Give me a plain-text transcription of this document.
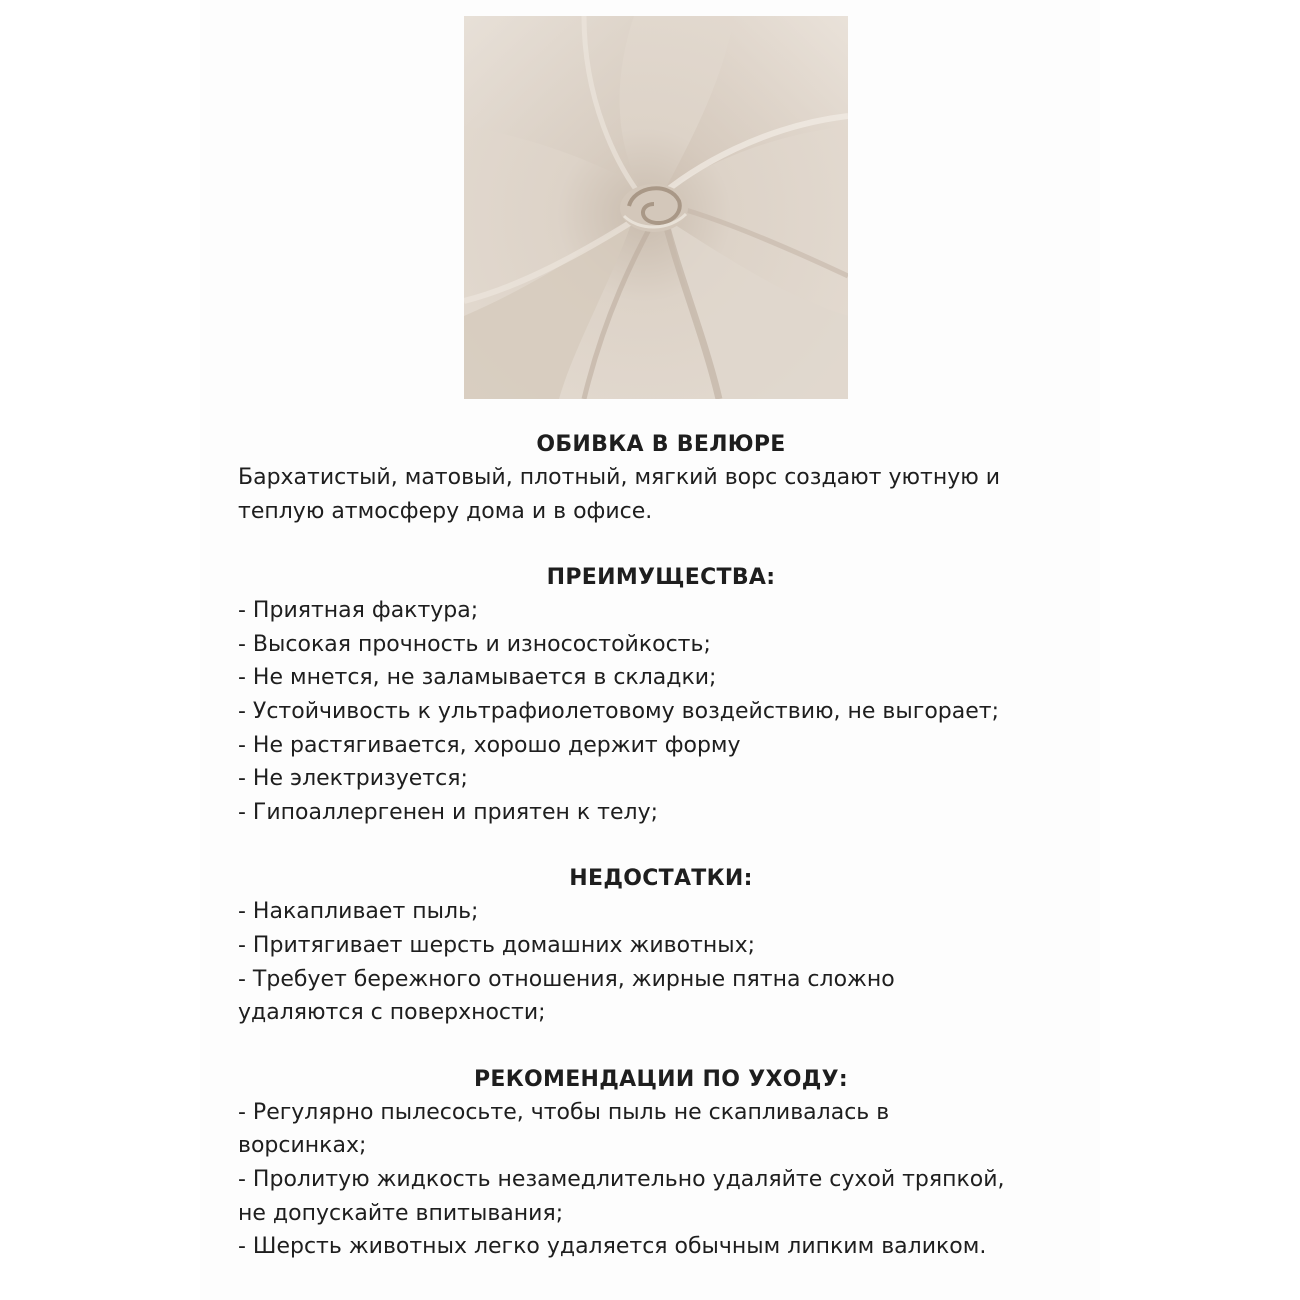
ОБИВКА В ВЕЛЮРЕ

Бархатистый, матовый, плотный, мягкий ворс создают уютную и
теплую атмосферу дома и в офисе.

ПРЕИМУЩЕСТВА:
- Приятная фактура;
- Высокая прочность и износостойкость;
- Не мнется, не заламывается в складки;
- Устойчивость к ультрафиолетовому воздействию, не выгорает;
- Не растягивается, хорошо держит форму
- Не электризуется;
- Гипоаллергенен и приятен к телу;
НЕДОСТАТКИ:
- Накапливает пыль;
- Притягивает шерсть домашних животных;
- Требует бережного отношения, жирные пятна сложно
удаляются с поверхности;
РЕКОМЕНДАЦИИ ПО УХОДУ:
- Регулярно пылесосьте, чтобы пыль не скапливалась в
ворсинках;
- Пролитую жидкость незамедлительно удаляйте сухой тряпкой,
не допускайте впитывания;
- Шерсть животных легко удаляется обычным липким валиком.
